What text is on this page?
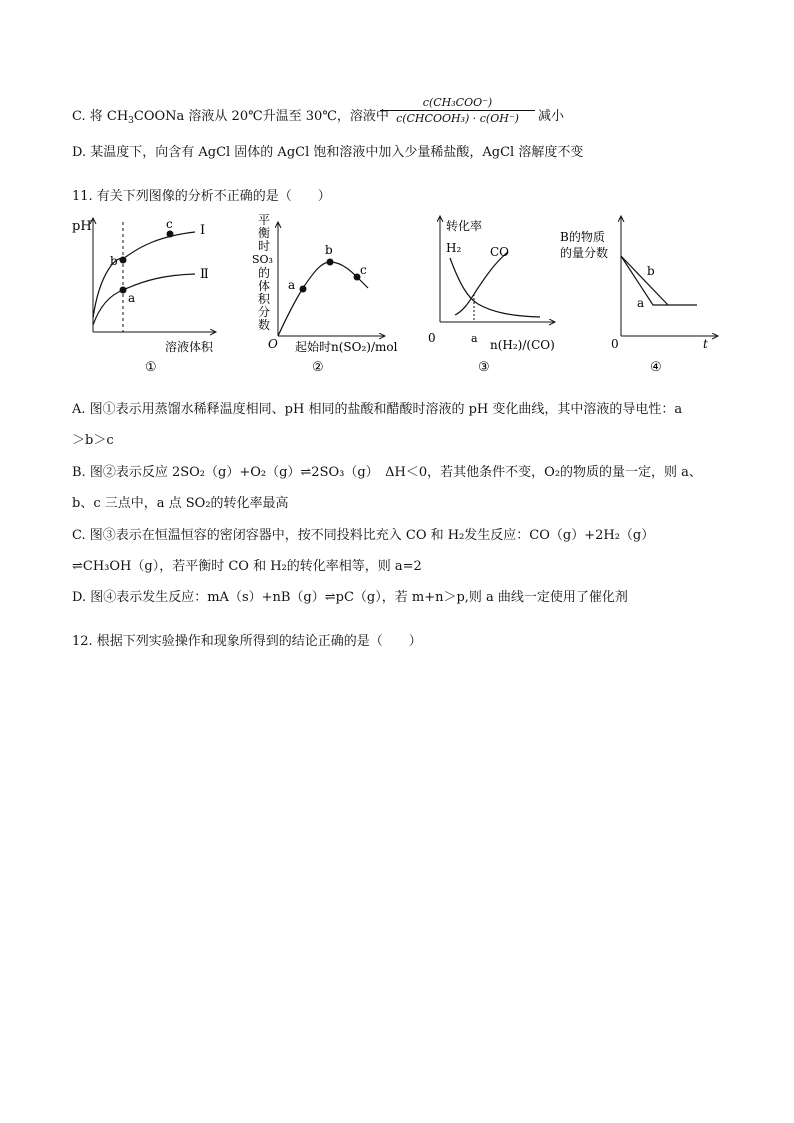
C. 将 $CH_3COONa$ 溶液从 20℃升温至 30℃，溶液中
c(CH₃COO⁻)
c(CHCOOH₃) · c(OH⁻)	减小
D. 某温度下，向含有 AgCl 固体的 AgCl 饱和溶液中加入少量稀盐酸，AgCl 溶解度不变
11. 有关下列图像的分析不正确的是（　　）
pH
b
a
c Ⅰ
Ⅱ
溶液体积
①
a
b
c
平
衡
时
SO₃
的
体
积
分
数
O 起始时n(SO₂)/mol
②
转化率
H₂ CO
0	a n(H₂)/(CO)
③
B的物质
的量分数
b
a
0	t
④
A. 图①表示用蒸馏水稀释温度相同、pH 相同的盐酸和醋酸时溶液的 pH 变化曲线，其中溶液的导电性：a
＞b＞c
B. 图②表示反应 2SO₂（g）+O₂（g）⇌2SO₃（g）　ΔH＜0，若其他条件不变，O₂的物质的量一定，则 a、
b、c 三点中，a 点 SO₂的转化率最高
C. 图③表示在恒温恒容的密闭容器中，按不同投料比充入 CO 和 H₂发生反应：CO（g）+2H₂（g）
⇌CH₃OH（g），若平衡时 CO 和 H₂的转化率相等，则 a=2
D. 图④表示发生反应：mA（s）+nB（g）⇌pC（g），若 m+n＞p,则 a 曲线一定使用了催化剂
12. 根据下列实验操作和现象所得到的结论正确的是（　　）
